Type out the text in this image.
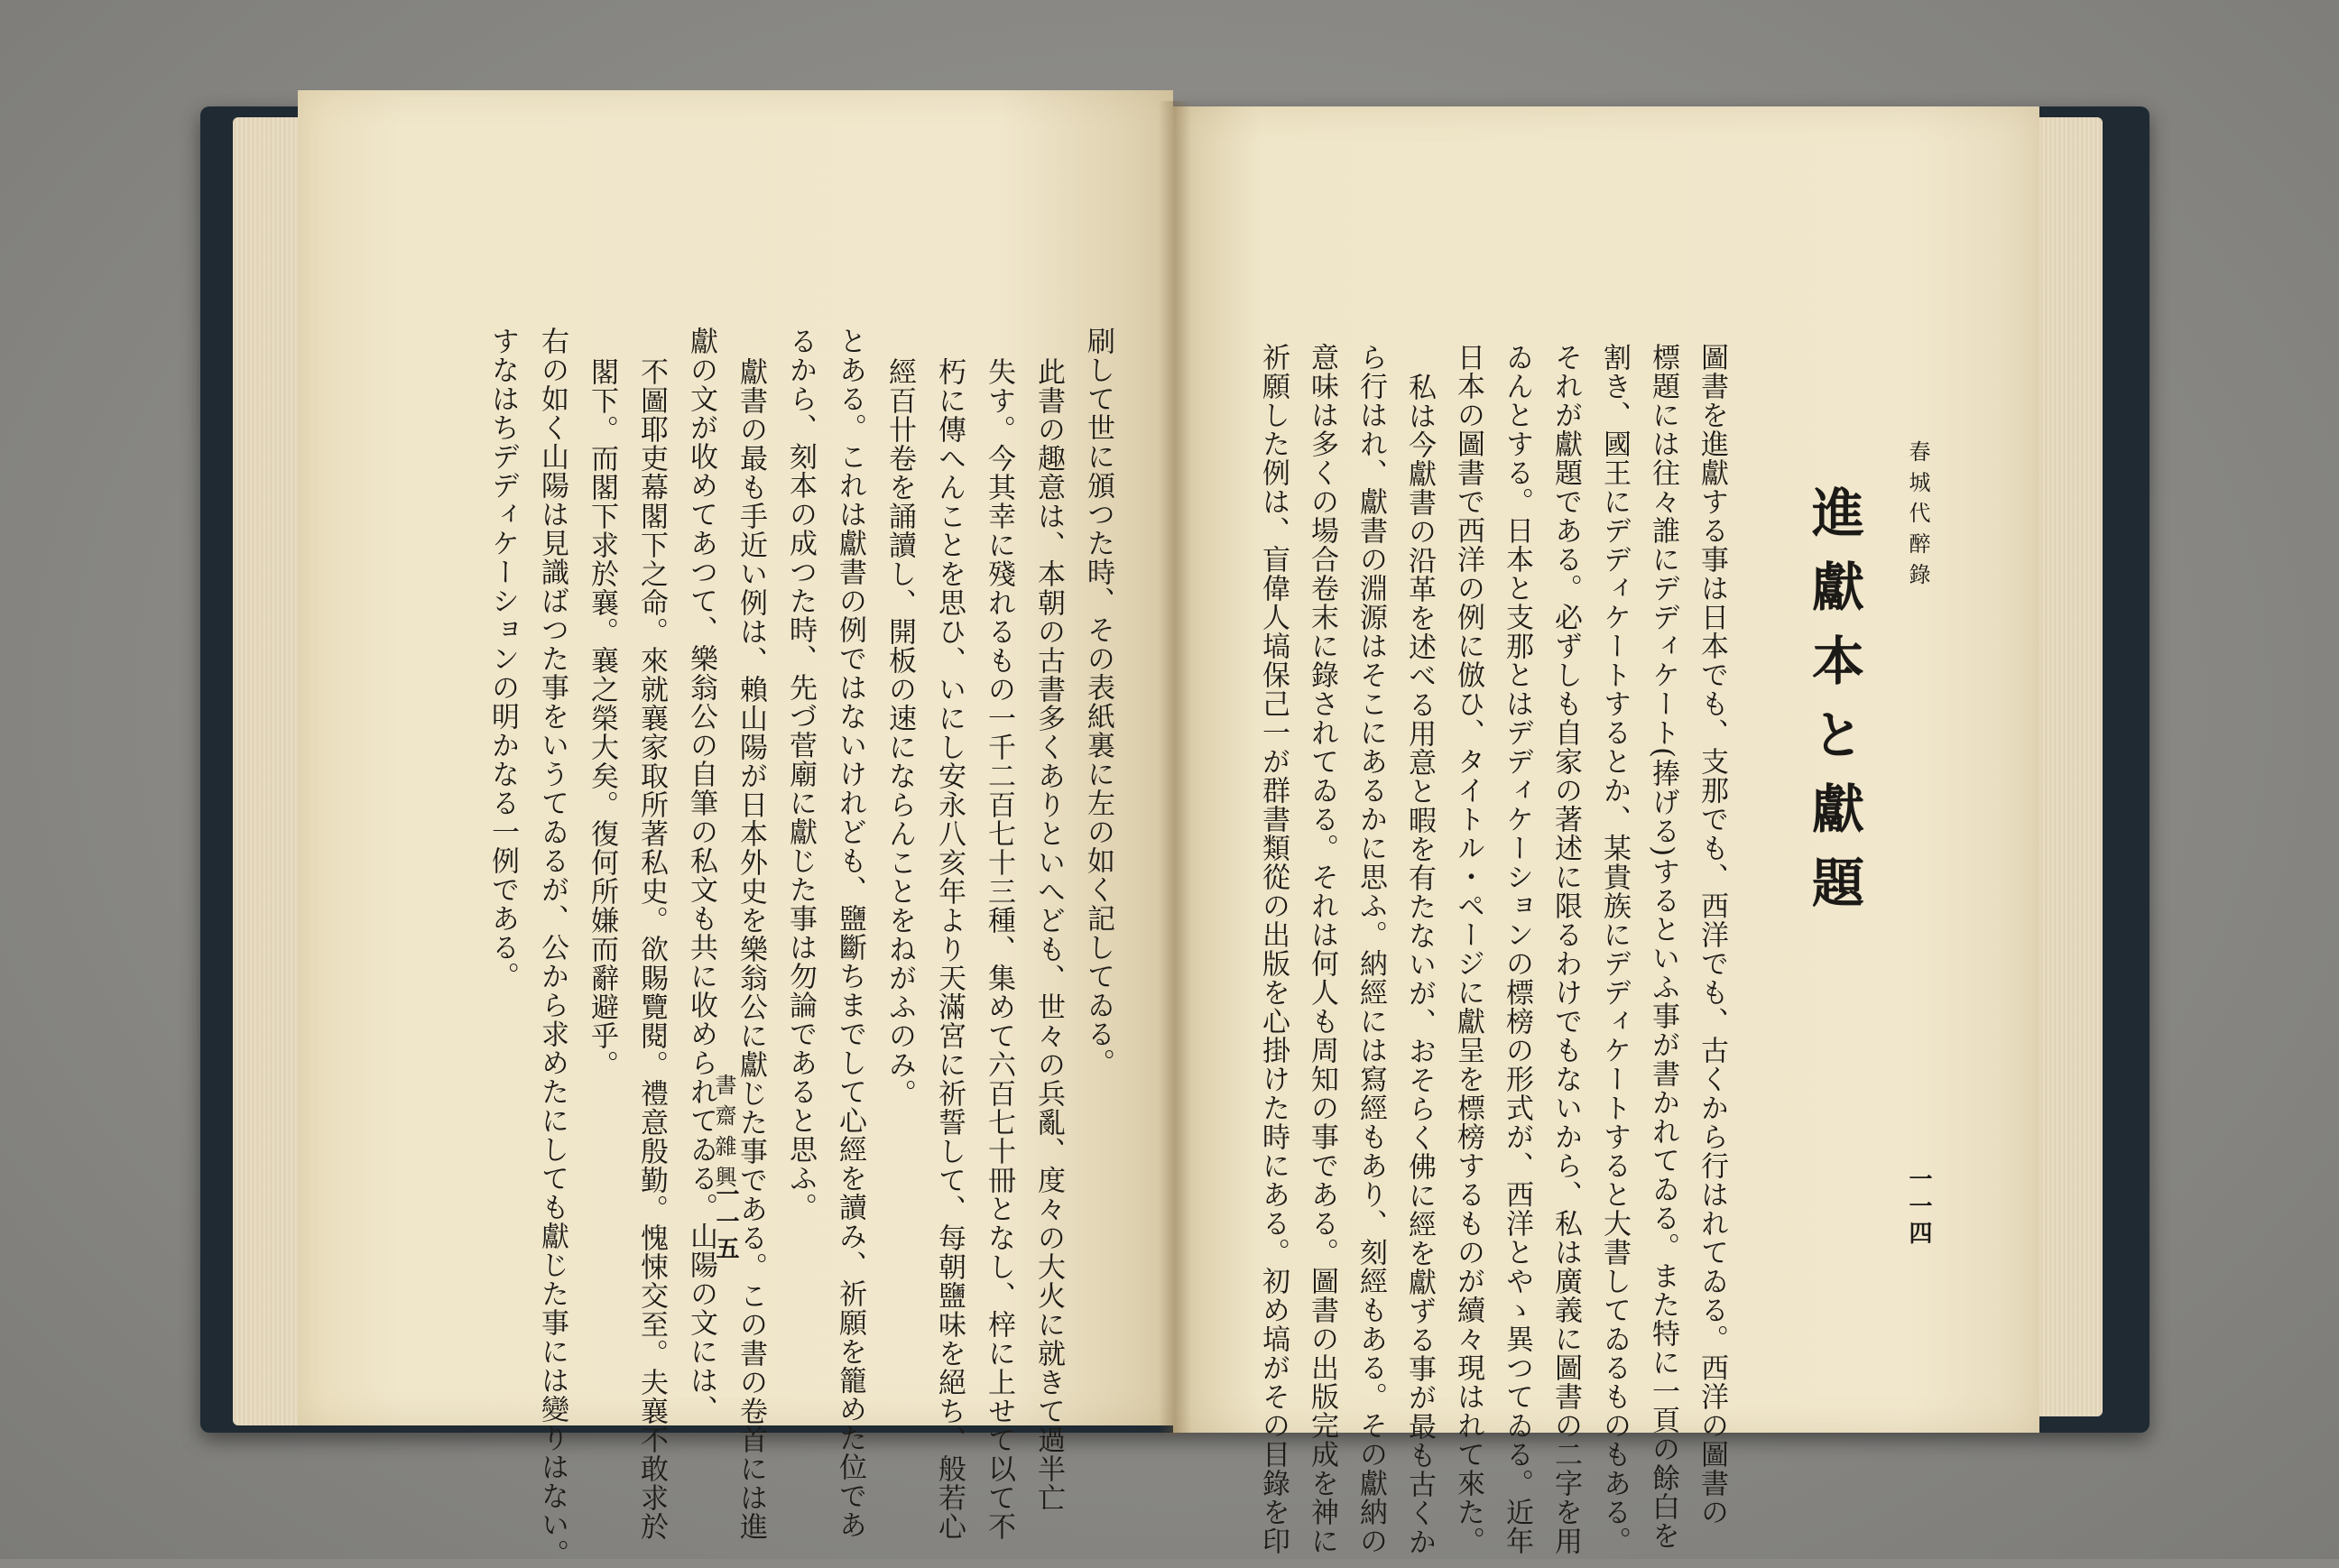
刷して世に頒つた時、その表紙裏に左の如く記してゐる。
此書の趣意は、本朝の古書多くありといへども、世々の兵亂、度々の大火に就きて過半亡
失す。今其幸に殘れるもの一千二百七十三種、集めて六百七十冊となし、梓に上せて以て不
朽に傳へんことを思ひ、いにし安永八亥年より天滿宮に祈誓して、每朝鹽味を絕ち、般若心
經百卄卷を誦讀し、開板の速にならんことをねがふのみ。
とある。これは獻書の例ではないけれども、鹽斷ちまでして心經を讀み、祈願を籠めた位であ
るから、刻本の成つた時、先づ菅廟に獻じた事は勿論であると思ふ。
獻書の最も手近い例は、賴山陽が日本外史を樂翁公に獻じた事である。この書の卷首には進
獻の文が收めてあつて、樂翁公の自筆の私文も共に收められてゐる。山陽の文には、
不圖耶吏幕閣下之命。來就襄家取所著私史。欲賜覽閱。禮意殷勤。愧悚交至。夫襄不敢求於
閣下。而閣下求於襄。襄之榮大矣。復何所嫌而辭避乎。
右の如く山陽は見識ばつた事をいうてゐるが、公から求めたにしても獻じた事には變りはない。
すなはちデディケーションの明かなる一例である。
書齋雜興
一一五
春城代醉錄
進獻本と獻題
圖書を進獻する事は日本でも、支那でも、西洋でも、古くから行はれてゐる。西洋の圖書の
標題には往々誰にデディケート(捧げる)するといふ事が書かれてゐる。また特に一頁の餘白を
割き、國王にデディケートするとか、某貴族にデディケートすると大書してゐるものもある。
それが獻題である。必ずしも自家の著述に限るわけでもないから、私は廣義に圖書の二字を用
ゐんとする。日本と支那とはデディケーションの標榜の形式が、西洋とやゝ異つてゐる。近年
日本の圖書で西洋の例に倣ひ、タイトル・ページに獻呈を標榜するものが續々現はれて來た。
私は今獻書の沿革を述べる用意と暇を有たないが、おそらく佛に經を獻ずる事が最も古くか
ら行はれ、獻書の淵源はそこにあるかに思ふ。納經には寫經もあり、刻經もある。その獻納の
意味は多くの場合卷末に錄されてゐる。それは何人も周知の事である。圖書の出版完成を神に
祈願した例は、盲偉人塙保己一が群書類從の出版を心掛けた時にある。初め塙がその目錄を印	一一四
